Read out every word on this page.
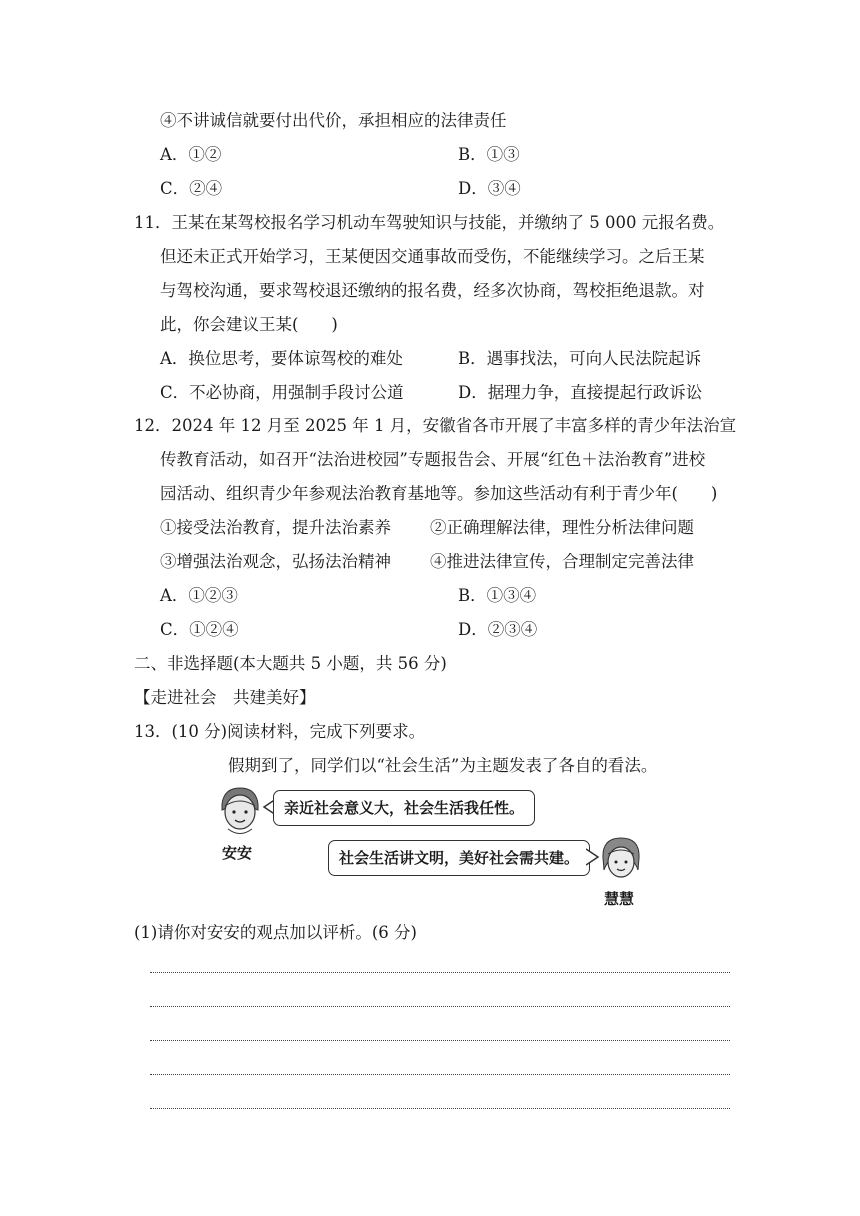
④不讲诚信就要付出代价，承担相应的法律责任
A．①②	B．①③
C．②④	D．③④
11．王某在某驾校报名学习机动车驾驶知识与技能，并缴纳了 5 000 元报名费。
但还未正式开始学习，王某便因交通事故而受伤，不能继续学习。之后王某
与驾校沟通，要求驾校退还缴纳的报名费，经多次协商，驾校拒绝退款。对
此，你会建议王某(　　)
A．换位思考，要体谅驾校的难处	B．遇事找法，可向人民法院起诉
C．不必协商，用强制手段讨公道	D．据理力争，直接提起行政诉讼
12．2024 年 12 月至 2025 年 1 月，安徽省各市开展了丰富多样的青少年法治宣
传教育活动，如召开“法治进校园”专题报告会、开展“红色＋法治教育”进校
园活动、组织青少年参观法治教育基地等。参加这些活动有利于青少年(　　)
①接受法治教育，提升法治素养 ②正确理解法律，理性分析法律问题
③增强法治观念，弘扬法治精神 ④推进法律宣传，合理制定完善法律
A．①②③	B．①③④
C．①②④	D．②③④
二、非选择题(本大题共 5 小题，共 56 分)
【走进社会　共建美好】
13．(10 分)阅读材料，完成下列要求。
假期到了，同学们以“社会生活”为主题发表了各自的看法。
安安
亲近社会意义大，社会生活我任性。
社会生活讲文明，美好社会需共建。
慧慧
(1)请你对安安的观点加以评析。(6 分)
